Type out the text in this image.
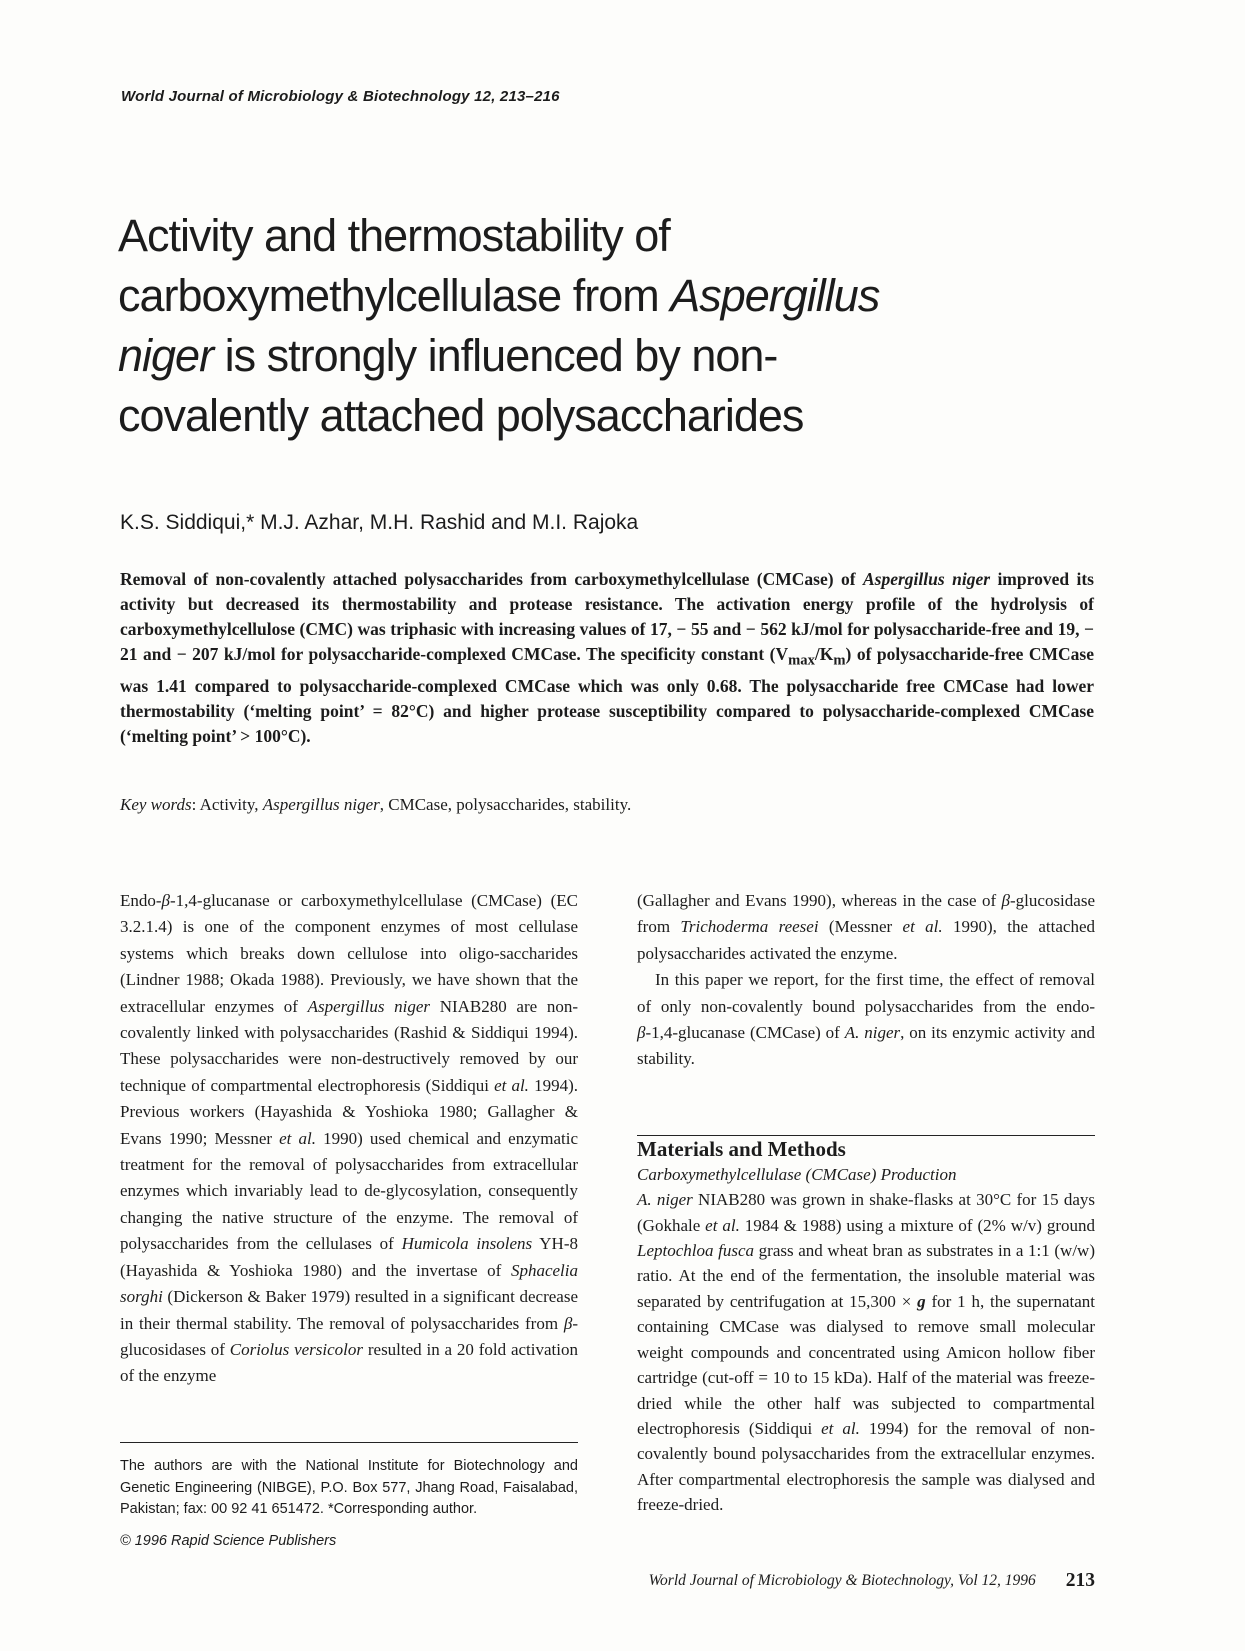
World Journal of Microbiology & Biotechnology 12, 213–216
Activity and thermostability of
carboxymethylcellulase from Aspergillus
niger is strongly influenced by non-
covalently attached polysaccharides
K.S. Siddiqui,* M.J. Azhar, M.H. Rashid and M.I. Rajoka
Removal of non-covalently attached polysaccharides from carboxymethylcellulase (CMCase) of Aspergillus niger improved its activity but decreased its thermostability and protease resistance. The activation energy profile of the hydrolysis of carboxymethylcellulose (CMC) was triphasic with increasing values of 17, − 55 and − 562 kJ/mol for polysaccharide-free and 19, − 21 and − 207 kJ/mol for polysaccharide-complexed CMCase. The specificity constant $(V_{max}/K_m)$ of polysaccharide-free CMCase was 1.41 compared to polysaccharide-complexed CMCase which was only 0.68. The polysaccharide free CMCase had lower thermostability (‘melting point’ = 82°C) and higher protease susceptibility compared to polysaccharide-complexed CMCase (‘melting point’ > 100°C).
Key words: Activity, Aspergillus niger, CMCase, polysaccharides, stability.

Endo-β-1,4-glucanase or carboxymethylcellulase (CMCase) (EC 3.2.1.4) is one of the component enzymes of most cellulase systems which breaks down cellulose into oligo-saccharides (Lindner 1988; Okada 1988). Previously, we have shown that the extracellular enzymes of Aspergillus niger NIAB280 are non-covalently linked with polysaccharides (Rashid & Siddiqui 1994). These polysaccharides were non-destructively removed by our technique of compartmental electrophoresis (Siddiqui et al. 1994). Previous workers (Hayashida & Yoshioka 1980; Gallagher & Evans 1990; Messner et al. 1990) used chemical and enzymatic treatment for the removal of polysaccharides from extracellular enzymes which invariably lead to de-glycosylation, consequently changing the native structure of the enzyme. The removal of polysaccharides from the cellulases of Humicola insolens YH-8 (Hayashida & Yoshioka 1980) and the invertase of Sphacelia sorghi (Dickerson & Baker 1979) resulted in a significant decrease in their thermal stability. The removal of polysaccharides from β-glucosidases of Coriolus versicolor resulted in a 20 fold activation of the enzyme

(Gallagher and Evans 1990), whereas in the case of β-glucosidase from Trichoderma reesei (Messner et al. 1990), the attached polysaccharides activated the enzyme.

In this paper we report, for the first time, the effect of removal of only non-covalently bound polysaccharides from the endo-β-1,4-glucanase (CMCase) of A. niger, on its enzymic activity and stability.

Materials and Methods

Carboxymethylcellulase (CMCase) Production

A. niger NIAB280 was grown in shake-flasks at 30°C for 15 days (Gokhale et al. 1984 & 1988) using a mixture of (2% w/v) ground Leptochloa fusca grass and wheat bran as substrates in a 1:1 (w/w) ratio. At the end of the fermentation, the insoluble material was separated by centrifugation at 15,300 × g for 1 h, the supernatant containing CMCase was dialysed to remove small molecular weight compounds and concentrated using Amicon hollow fiber cartridge (cut-off = 10 to 15 kDa). Half of the material was freeze-dried while the other half was subjected to compartmental electrophoresis (Siddiqui et al. 1994) for the removal of non-covalently bound polysaccharides from the extracellular enzymes. After compartmental electrophoresis the sample was dialysed and freeze-dried.

The authors are with the National Institute for Biotechnology and Genetic Engineering (NIBGE), P.O. Box 577, Jhang Road, Faisalabad, Pakistan; fax: 00 92 41 651472. *Corresponding author.
© 1996 Rapid Science Publishers
World Journal of Microbiology & Biotechnology, Vol 12, 1996 213
